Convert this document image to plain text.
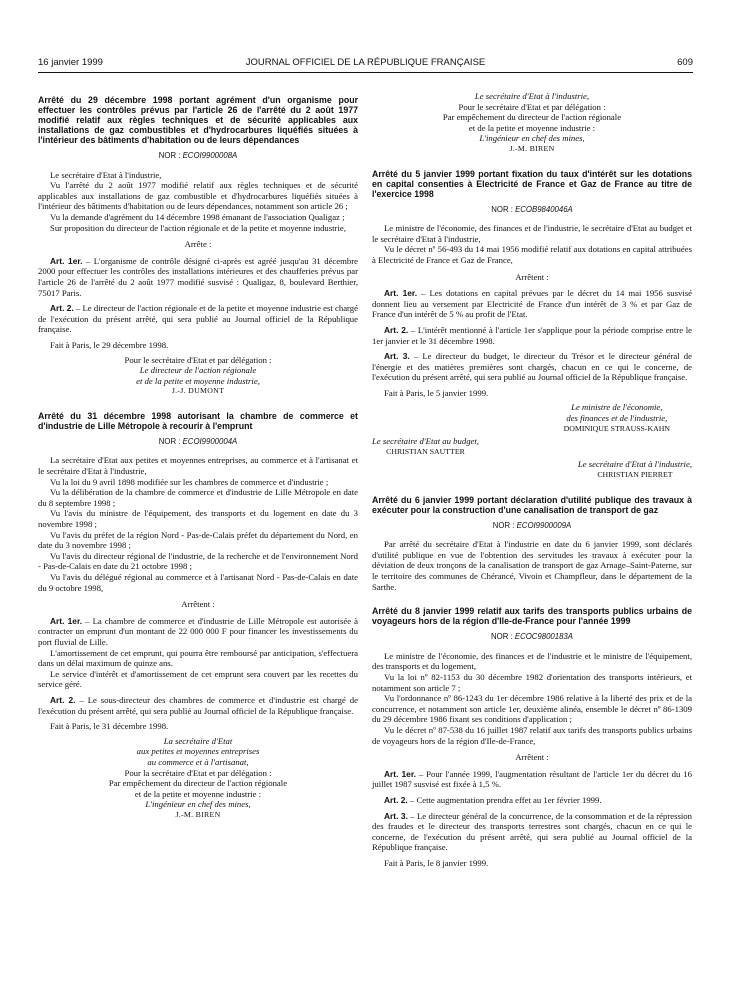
16 janvier 1999	JOURNAL OFFICIEL DE LA RÉPUBLIQUE FRANÇAISE	609
Arrêté du 29 décembre 1998 portant agrément d'un organisme pour effectuer les contrôles prévus par l'article 26 de l'arrêté du 2 août 1977 modifié relatif aux règles techniques et de sécurité applicables aux installations de gaz combustibles et d'hydrocarbures liquéfiés situées à l'intérieur des bâtiments d'habitation ou de leurs dépendances
NOR : ECOI9900008A

Le secrétaire d'Etat à l'industrie,

Vu l'arrêté du 2 août 1977 modifié relatif aux règles techniques et de sécurité applicables aux installations de gaz combustible et d'hydrocarbures liquéfiés situées à l'intérieur des bâtiments d'habitation ou de leurs dépendances, notamment son article 26 ;

Vu la demande d'agrément du 14 décembre 1998 émanant de l'association Qualigaz ;

Sur proposition du directeur de l'action régionale et de la petite et moyenne industrie,

Arrête :

Art. 1er. – L'organisme de contrôle désigné ci-après est agréé jusqu'au 31 décembre 2000 pour effectuer les contrôles des installations intérieures et des chaufferies prévus par l'article 26 de l'arrêté du 2 août 1977 modifié susvisé : Qualigaz, 8, boulevard Berthier, 75017 Paris.

Art. 2. – Le directeur de l'action régionale et de la petite et moyenne industrie est chargé de l'exécution du présent arrêté, qui sera publié au Journal officiel de la République française.

Fait à Paris, le 29 décembre 1998.

Pour le secrétaire d'Etat et par délégation :
Le directeur de l'action régionale
et de la petite et moyenne industrie,
J.-J. DUMONT
Arrêté du 31 décembre 1998 autorisant la chambre de commerce et d'industrie de Lille Métropole à recourir à l'emprunt
NOR : ECOI9900004A

La secrétaire d'Etat aux petites et moyennes entreprises, au commerce et à l'artisanat et le secrétaire d'Etat à l'industrie,

Vu la loi du 9 avril 1898 modifiée sur les chambres de commerce et d'industrie ;

Vu la délibération de la chambre de commerce et d'industrie de Lille Métropole en date du 8 septembre 1998 ;

Vu l'avis du ministre de l'équipement, des transports et du logement en date du 3 novembre 1998 ;

Vu l'avis du préfet de la région Nord - Pas-de-Calais préfet du département du Nord, en date du 3 novembre 1998 ;

Vu l'avis du directeur régional de l'industrie, de la recherche et de l'environnement Nord - Pas-de-Calais en date du 21 octobre 1998 ;

Vu l'avis du délégué régional au commerce et à l'artisanat Nord - Pas-de-Calais en date du 9 octobre 1998,

Arrêtent :

Art. 1er. – La chambre de commerce et d'industrie de Lille Métropole est autorisée à contracter un emprunt d'un montant de 22 000 000 F pour financer les investissements du port fluvial de Lille.

L'amortissement de cet emprunt, qui pourra être remboursé par anticipation, s'effectuera dans un délai maximum de quinze ans.

Le service d'intérêt et d'amortissement de cet emprunt sera couvert par les recettes du service géré.

Art. 2. – Le sous-directeur des chambres de commerce et d'industrie est chargé de l'exécution du présent arrêté, qui sera publié au Journal officiel de la République française.

Fait à Paris, le 31 décembre 1998.

La secrétaire d'Etat
aux petites et moyennes entreprises
au commerce et à l'artisanat,
Pour la secrétaire d'Etat et par délégation :
Par empêchement du directeur de l'action régionale
et de la petite et moyenne industrie :
L'ingénieur en chef des mines,
J.-M. BIREN
Le secrétaire d'Etat à l'industrie,
Pour le secrétaire d'Etat et par délégation :
Par empêchement du directeur de l'action régionale
et de la petite et moyenne industrie :
L'ingénieur en chef des mines,
J.-M. BIREN
Arrêté du 5 janvier 1999 portant fixation du taux d'intérêt sur les dotations en capital consenties à Electricité de France et Gaz de France au titre de l'exercice 1998
NOR : ECOB9840046A

Le ministre de l'économie, des finances et de l'industrie, le secrétaire d'Etat au budget et le secrétaire d'Etat à l'industrie,

Vu le décret nº 56-493 du 14 mai 1956 modifié relatif aux dotations en capital attribuées à Electricité de France et Gaz de France,

Arrêtent :

Art. 1er. – Les dotations en capital prévues par le décret du 14 mai 1956 susvisé donnent lieu au versement par Electricité de France d'un intérêt de 3 % et par Gaz de France d'un intérêt de 5 % au profit de l'Etat.

Art. 2. – L'intérêt mentionné à l'article 1er s'applique pour la période comprise entre le 1er janvier et le 31 décembre 1998.

Art. 3. – Le directeur du budget, le directeur du Trésor et le directeur général de l'énergie et des matières premières sont chargés, chacun en ce qui le concerne, de l'exécution du présent arrêté, qui sera publié au Journal officiel de la République française.

Fait à Paris, le 5 janvier 1999.

Le ministre de l'économie,
des finances et de l'industrie,
DOMINIQUE STRAUSS-KAHN
Le secrétaire d'Etat au budget,
CHRISTIAN SAUTTER
Le secrétaire d'Etat à l'industrie,
CHRISTIAN PIERRET
Arrêté du 6 janvier 1999 portant déclaration d'utilité publique des travaux à exécuter pour la construction d'une canalisation de transport de gaz
NOR : ECOI9900009A

Par arrêté du secrétaire d'Etat à l'industrie en date du 6 janvier 1999, sont déclarés d'utilité publique en vue de l'obtention des servitudes les travaux à exécuter pour la déviation de deux tronçons de la canalisation de transport de gaz Arnage–Saint-Paterne, sur le territoire des communes de Chérancé, Vivoin et Champfleur, dans le département de la Sarthe.

Arrêté du 8 janvier 1999 relatif aux tarifs des transports publics urbains de voyageurs hors de la région d'Ile-de-France pour l'année 1999
NOR : ECOC9800183A

Le ministre de l'économie, des finances et de l'industrie et le ministre de l'équipement, des transports et du logement,

Vu la loi nº 82-1153 du 30 décembre 1982 d'orientation des transports intérieurs, et notamment son article 7 ;

Vu l'ordonnance nº 86-1243 du 1er décembre 1986 relative à la liberté des prix et de la concurrence, et notamment son article 1er, deuxième alinéa, ensemble le décret nº 86-1309 du 29 décembre 1986 fixant ses conditions d'application ;

Vu le décret nº 87-538 du 16 juillet 1987 relatif aux tarifs des transports publics urbains de voyageurs hors de la région d'Ile-de-France,

Arrêtent :

Art. 1er. – Pour l'année 1999, l'augmentation résultant de l'article 1er du décret du 16 juillet 1987 susvisé est fixée à 1,5 %.

Art. 2. – Cette augmentation prendra effet au 1er février 1999.

Art. 3. – Le directeur général de la concurrence, de la consommation et de la répression des fraudes et le directeur des transports terrestres sont chargés, chacun en ce qui le concerne, de l'exécution du présent arrêté, qui sera publié au Journal officiel de la République française.

Fait à Paris, le 8 janvier 1999.
